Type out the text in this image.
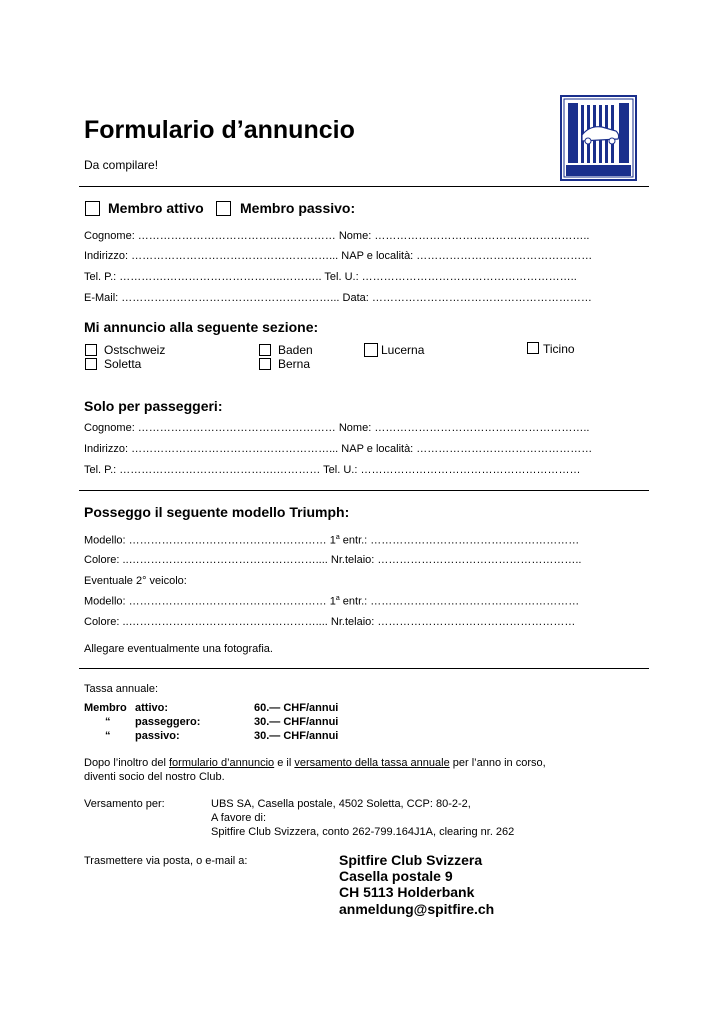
Formulario d’annuncio
Da compilare!
Membro attivo	Membro passivo:
Cognome: ……………………………………………… Nome: …………………………………………………..
Indirizzo: ………………………………………………... NAP e località: …………………………………………
Tel. P.: ………….…………………………..……….. Tel. U.: …………………………………………………..
E-Mail: …………………………………………………... Data: ……………………………………………………
Mi annuncio alla seguente sezione:
Ostschweiz
Soletta
Baden
Berna
Lucerna	Ticino
Solo per passeggeri:
Cognome: ……………………………………………… Nome: …………………………………………………..
Indirizzo: ………………………………………………... NAP e località: …………………………………………
Tel. P.: …………………………………….………… Tel. U.: ……………………………………………………
Posseggo il seguente modello Triumph:
Modello: ……………………………………………… 1$^a$ entr.: …………………………………………………
Colore: ..…………………………………………….... Nr.telaio: ………………………………………………..
Eventuale 2° veicolo:
Modello: ……………………………………………… 1$^a$ entr.: …………………………………………………
Colore: ..…………………………………………….... Nr.telaio: ………………………………………………
Allegare eventualmente una fotografia.
Tassa annuale:
Membro attivo:	60.— CHF/annui
“ passeggero:	30.— CHF/annui
“ passivo:	30.— CHF/annui
Dopo l’inoltro del formulario d’annuncio e il versamento della tassa annuale per l’anno in corso,
diventi socio del nostro Club.
Versamento per:	UBS SA, Casella postale, 4502 Soletta, CCP: 80-2-2,
A favore di:
Spitfire Club Svizzera, conto 262-799.164J1A, clearing nr. 262
Trasmettere via posta, o e-mail a:	Spitfire Club Svizzera
Casella postale 9
CH 5113 Holderbank
anmeldung@spitfire.ch
